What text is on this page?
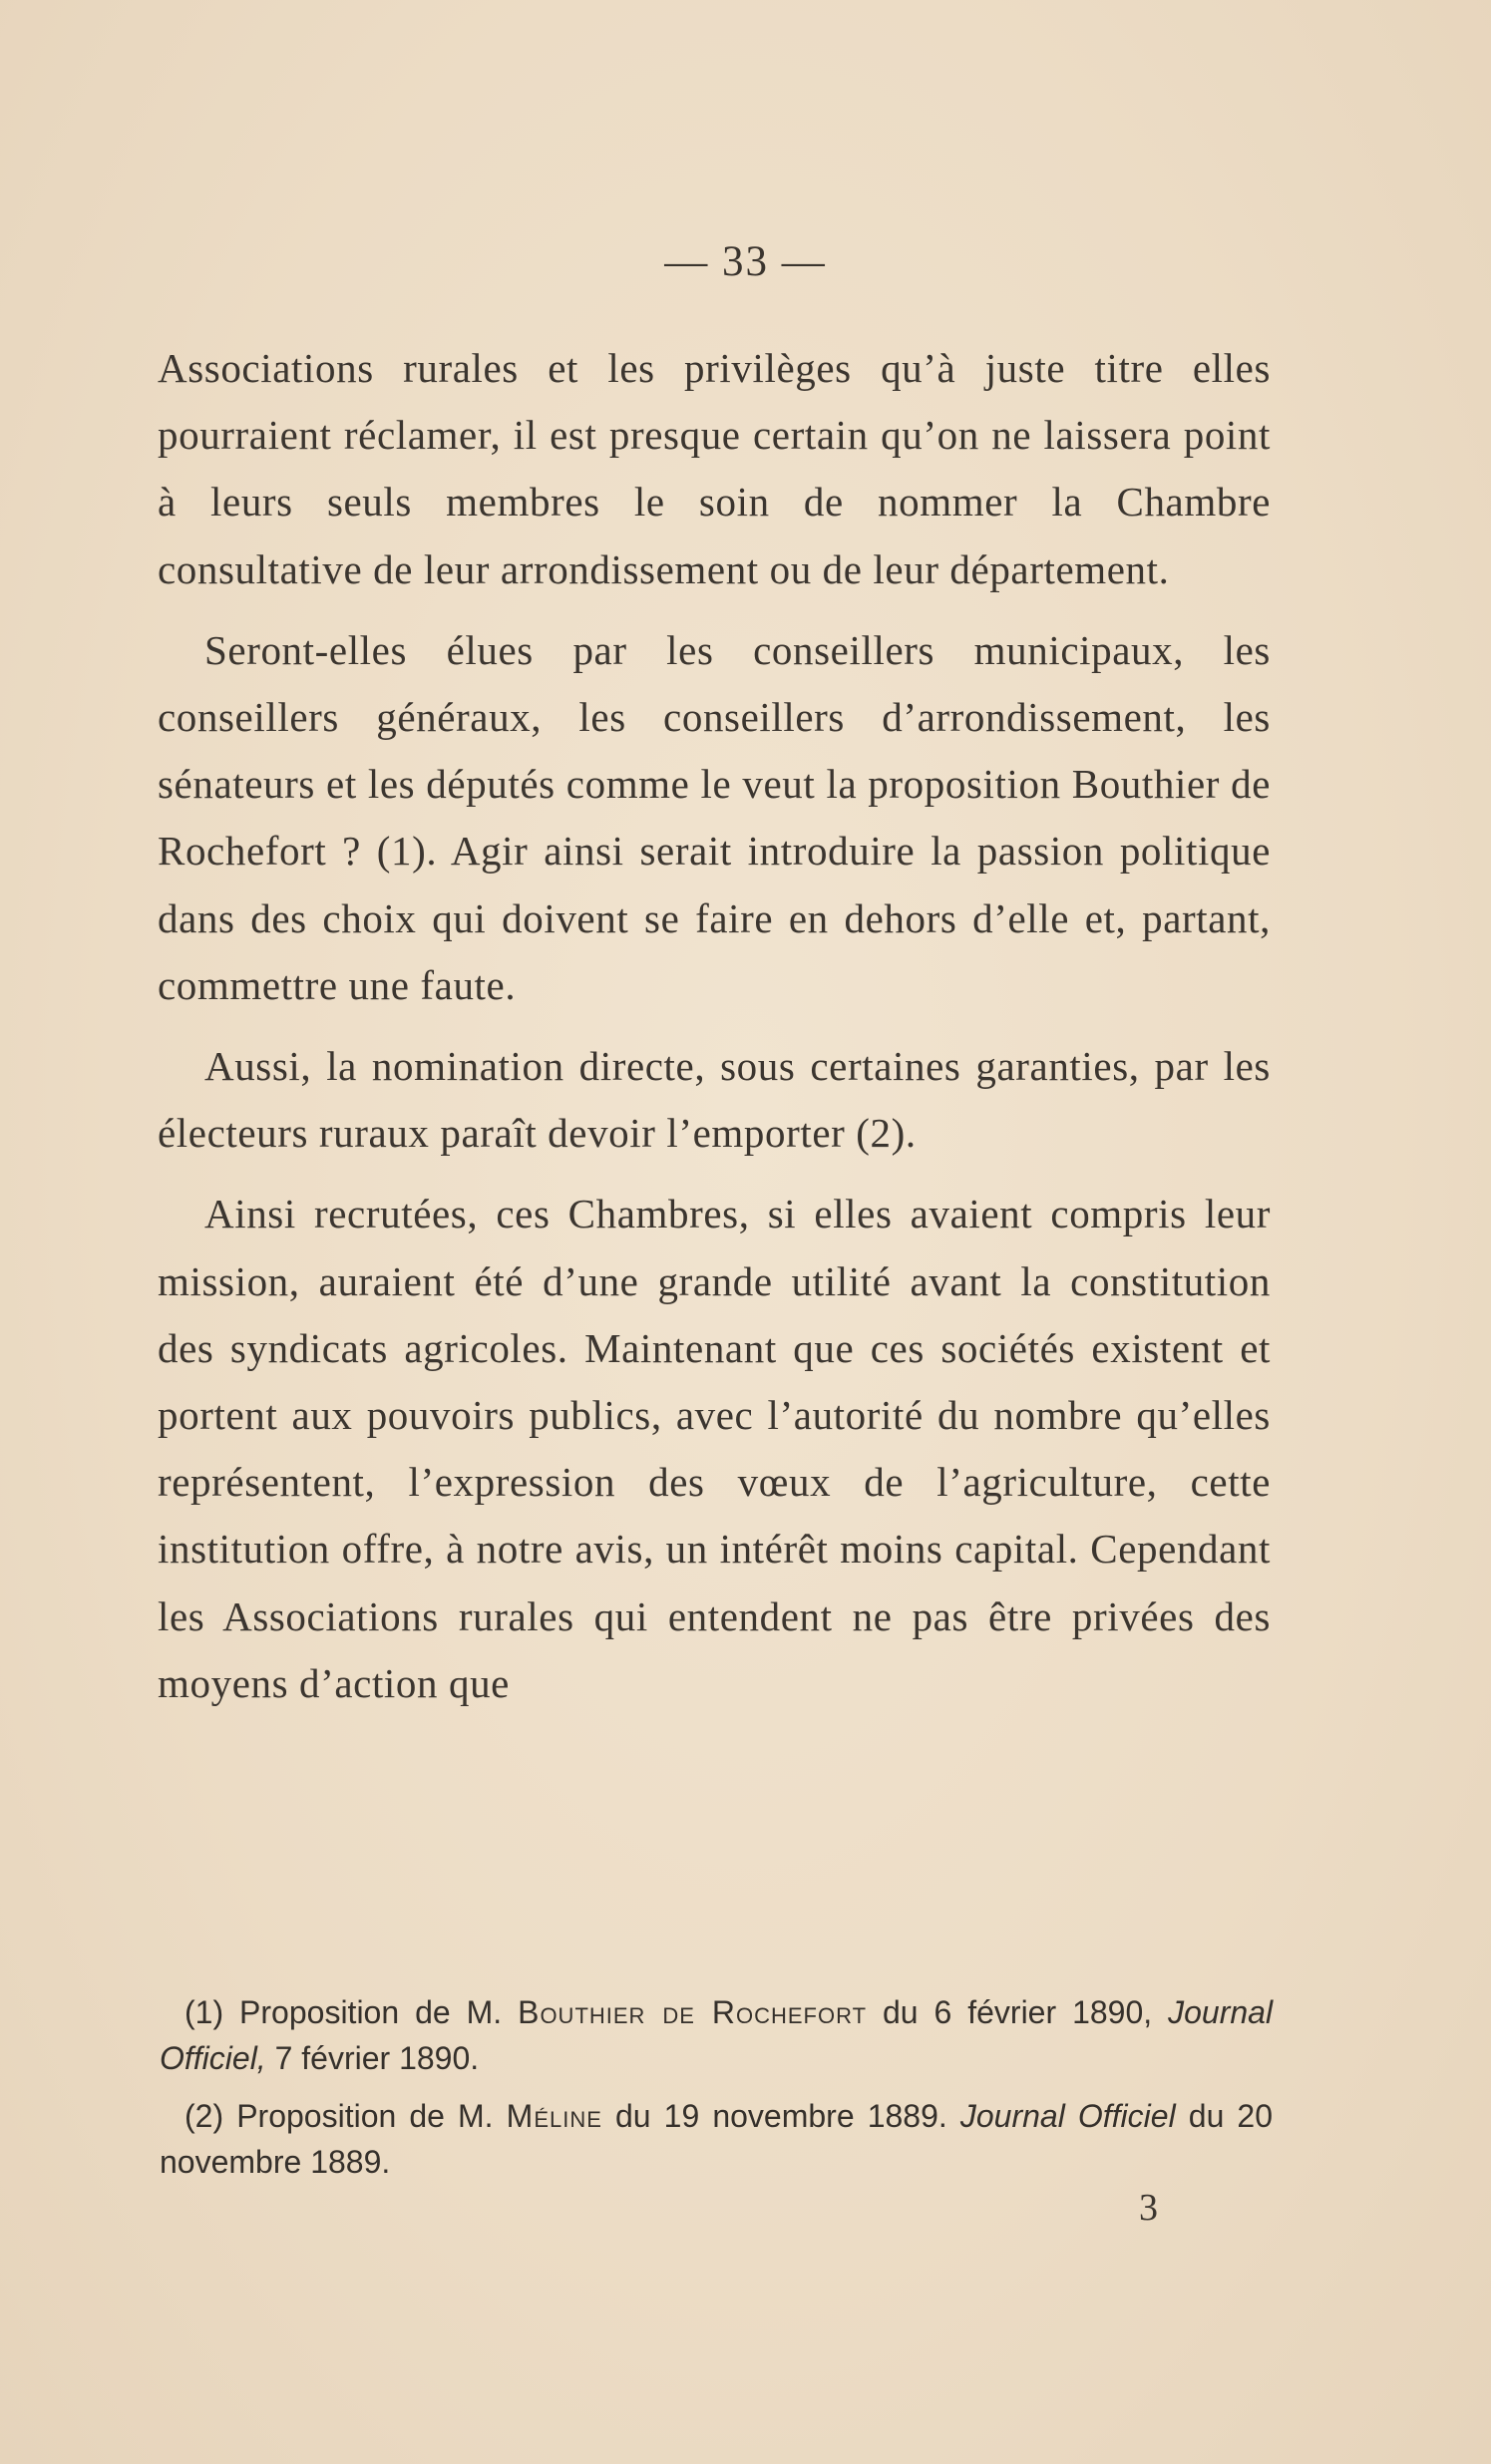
— 33 —

Associations rurales et les privilèges qu’à juste titre elles pourraient réclamer, il est presque certain qu’on ne laissera point à leurs seuls membres le soin de nommer la Chambre consultative de leur arrondissement ou de leur département.

Seront-elles élues par les conseillers municipaux, les conseillers généraux, les conseillers d’arrondissement, les sénateurs et les députés comme le veut la proposition Bouthier de Rochefort ? (1). Agir ainsi serait introduire la passion politique dans des choix qui doivent se faire en dehors d’elle et, partant, commettre une faute.

Aussi, la nomination directe, sous certaines garanties, par les électeurs ruraux paraît devoir l’emporter (2).

Ainsi recrutées, ces Chambres, si elles avaient compris leur mission, auraient été d’une grande utilité avant la constitution des syndicats agricoles. Maintenant que ces sociétés existent et portent aux pouvoirs publics, avec l’autorité du nombre qu’elles représentent, l’expression des vœux de l’agriculture, cette institution offre, à notre avis, un intérêt moins capital. Cependant les Associations rurales qui entendent ne pas être privées des moyens d’action que

(1) Proposition de M. Bouthier de Rochefort du 6 février 1890, Journal Officiel, 7 février 1890.

(2) Proposition de M. Méline du 19 novembre 1889. Journal Officiel du 20 novembre 1889.

3
